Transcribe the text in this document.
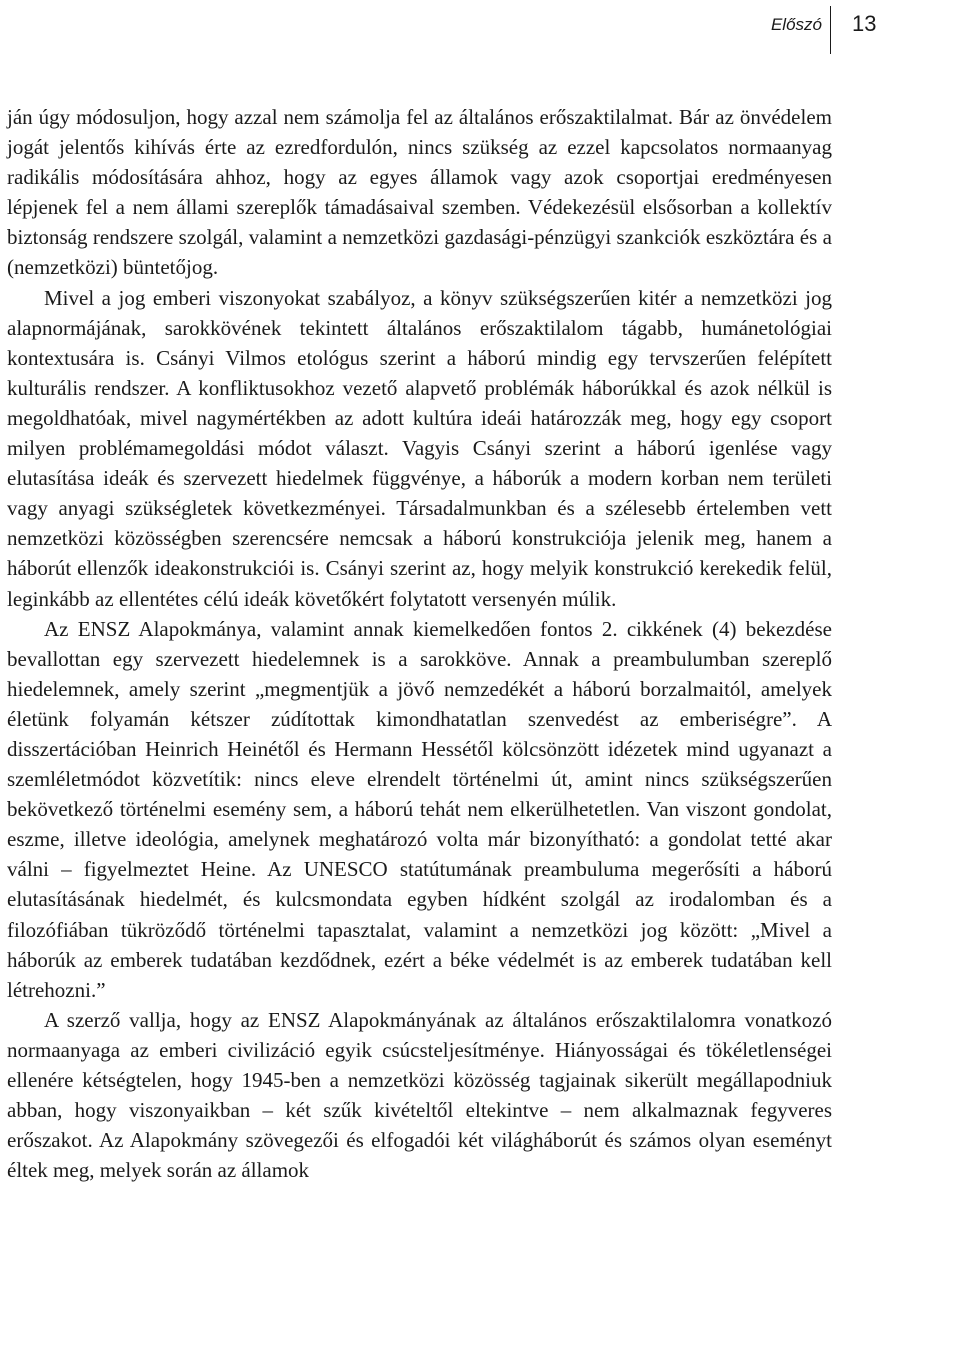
Előszó 13

ján úgy módosuljon, hogy azzal nem számolja fel az általános erőszaktilalmat. Bár az önvédelem jogát jelentős kihívás érte az ezredfordulón, nincs szükség az ezzel kapcsolatos normaanyag radikális módosítására ahhoz, hogy az egyes államok vagy azok csoportjai eredményesen lépjenek fel a nem állami szereplők támadásaival szemben. Védekezésül elsősorban a kollektív biztonság rendszere szolgál, valamint a nemzetközi gazdasági-pénzügyi szankciók eszköztára és a (nemzetközi) büntetőjog.

Mivel a jog emberi viszonyokat szabályoz, a könyv szükségszerűen kitér a nemzetközi jog alapnormájának, sarokkövének tekintett általános erőszaktilalom tágabb, humánetológiai kontextusára is. Csányi Vilmos etológus szerint a háború mindig egy tervszerűen felépített kulturális rendszer. A konfliktusokhoz vezető alapvető problémák háborúkkal és azok nélkül is megoldhatóak, mivel nagymértékben az adott kultúra ideái határozzák meg, hogy egy csoport milyen problémamegoldási módot választ. Vagyis Csányi szerint a háború igenlése vagy elutasítása ideák és szervezett hiedelmek függvénye, a háborúk a modern korban nem területi vagy anyagi szükségletek következményei. Társadalmunkban és a szélesebb értelemben vett nemzetközi közösségben szerencsére nemcsak a háború konstrukciója jelenik meg, hanem a háborút ellenzők ideakonstrukciói is. Csányi szerint az, hogy melyik konstrukció kerekedik felül, leginkább az ellentétes célú ideák követőkért folytatott versenyén múlik.

Az ENSZ Alapokmánya, valamint annak kiemelkedően fontos 2. cikkének (4) bekezdése bevallottan egy szervezett hiedelemnek is a sarokköve. Annak a preambulumban szereplő hiedelemnek, amely szerint „megmentjük a jövő nemzedékét a háború borzalmaitól, amelyek életünk folyamán kétszer zúdítottak kimondhatatlan szenvedést az emberiségre”. A disszertációban Heinrich Heinétől és Hermann Hessétől kölcsönzött idézetek mind ugyanazt a szemléletmódot közvetítik: nincs eleve elrendelt történelmi út, amint nincs szükségszerűen bekövetkező történelmi esemény sem, a háború tehát nem elkerülhetetlen. Van viszont gondolat, eszme, illetve ideológia, amelynek meghatározó volta már bizonyítható: a gondolat tetté akar válni – figyelmeztet Heine. Az UNESCO statútumának preambuluma megerősíti a háború elutasításának hiedelmét, és kulcsmondata egyben hídként szolgál az irodalomban és a filozófiában tükröződő történelmi tapasztalat, valamint a nemzetközi jog között: „Mivel a háborúk az emberek tudatában kezdődnek, ezért a béke védelmét is az emberek tudatában kell létrehozni.”

A szerző vallja, hogy az ENSZ Alapokmányának az általános erőszaktilalomra vonatkozó normaanyaga az emberi civilizáció egyik csúcsteljesítménye. Hiányosságai és tökéletlenségei ellenére kétségtelen, hogy 1945-ben a nemzetközi közösség tagjainak sikerült megállapodniuk abban, hogy viszonyaikban – két szűk kivételtől eltekintve – nem alkalmaznak fegyveres erőszakot. Az Alapokmány szövegezői és elfogadói két világháborút és számos olyan eseményt éltek meg, melyek során az államok
